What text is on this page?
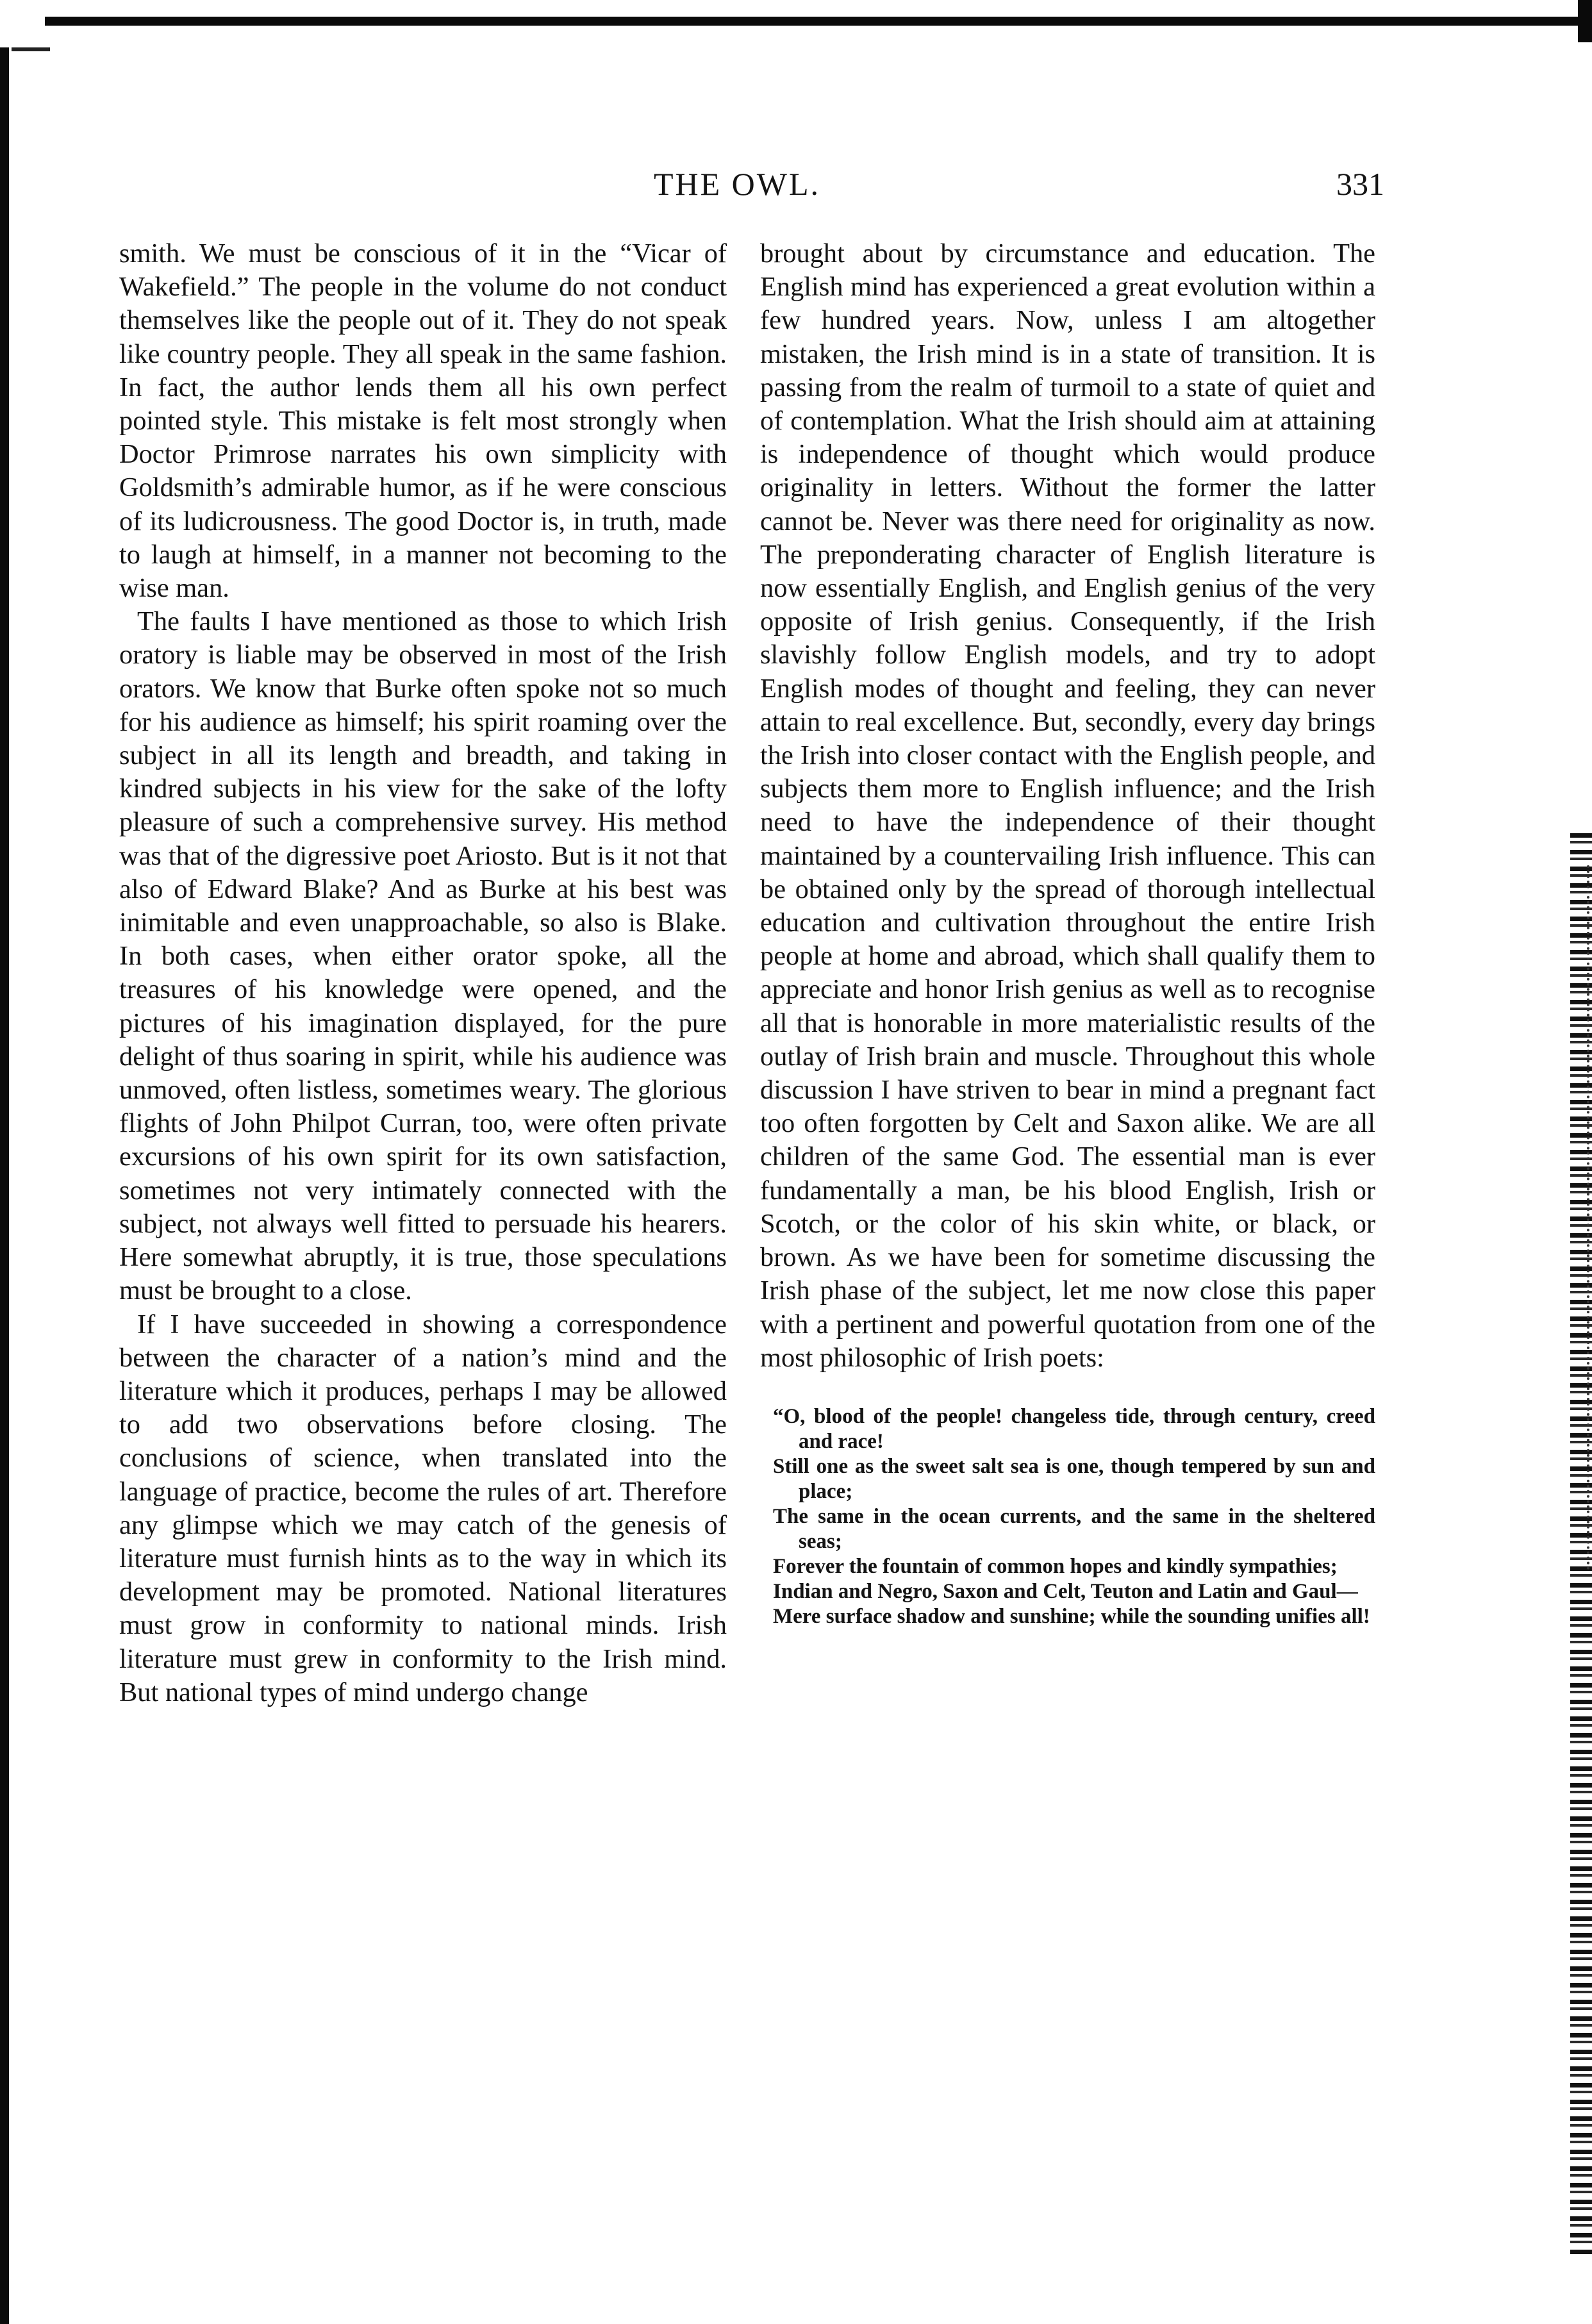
THE OWL.	331

smith. We must be conscious of it in the “Vicar of Wakefield.” The people in the volume do not conduct themselves like the people out of it. They do not speak like country people. They all speak in the same fashion. In fact, the author lends them all his own perfect pointed style. This mistake is felt most strongly when Doctor Primrose narrates his own simplicity with Goldsmith’s admirable humor, as if he were conscious of its ludicrousness. The good Doctor is, in truth, made to laugh at himself, in a manner not becoming to the wise man.

The faults I have mentioned as those to which Irish oratory is liable may be observed in most of the Irish orators. We know that Burke often spoke not so much for his audience as himself; his spirit roaming over the subject in all its length and breadth, and taking in kindred subjects in his view for the sake of the lofty pleasure of such a comprehensive survey. His method was that of the digressive poet Ariosto. But is it not that also of Edward Blake? And as Burke at his best was inimitable and even unapproachable, so also is Blake. In both cases, when either orator spoke, all the treasures of his knowledge were opened, and the pictures of his imagination displayed, for the pure delight of thus soaring in spirit, while his audience was unmoved, often listless, sometimes weary. The glorious flights of John Philpot Curran, too, were often private excursions of his own spirit for its own satisfaction, sometimes not very intimately connected with the subject, not always well fitted to persuade his hearers. Here somewhat abruptly, it is true, those speculations must be brought to a close.

If I have succeeded in showing a correspondence between the character of a nation’s mind and the literature which it produces, perhaps I may be allowed to add two observations before closing. The conclusions of science, when translated into the language of practice, become the rules of art. Therefore any glimpse which we may catch of the genesis of literature must furnish hints as to the way in which its development may be promoted. National literatures must grow in conformity to national minds. Irish literature must grew in conformity to the Irish mind. But national types of mind undergo change

brought about by circumstance and education. The English mind has experienced a great evolution within a few hundred years. Now, unless I am altogether mistaken, the Irish mind is in a state of transition. It is passing from the realm of turmoil to a state of quiet and of contemplation. What the Irish should aim at attaining is independence of thought which would produce originality in letters. Without the former the latter cannot be. Never was there need for originality as now. The preponderating character of English literature is now essentially English, and English genius of the very opposite of Irish genius. Consequently, if the Irish slavishly follow English models, and try to adopt English modes of thought and feeling, they can never attain to real excellence. But, secondly, every day brings the Irish into closer contact with the English people, and subjects them more to English influence; and the Irish need to have the independence of their thought maintained by a countervailing Irish influence. This can be obtained only by the spread of thorough intellectual education and cultivation throughout the entire Irish people at home and abroad, which shall qualify them to appreciate and honor Irish genius as well as to recognise all that is honorable in more materialistic results of the outlay of Irish brain and muscle. Throughout this whole discussion I have striven to bear in mind a pregnant fact too often forgotten by Celt and Saxon alike. We are all children of the same God. The essential man is ever fundamentally a man, be his blood English, Irish or Scotch, or the color of his skin white, or black, or brown. As we have been for sometime discussing the Irish phase of the subject, let me now close this paper with a pertinent and powerful quotation from one of the most philosophic of Irish poets:

“O, blood of the people! changeless tide, through century, creed and race!
Still one as the sweet salt sea is one, though tempered by sun and place;
The same in the ocean currents, and the same in the sheltered seas;
Forever the fountain of common hopes and kindly sympathies;
Indian and Negro, Saxon and Celt, Teuton and Latin and Gaul—
Mere surface shadow and sunshine; while the sounding unifies all!
